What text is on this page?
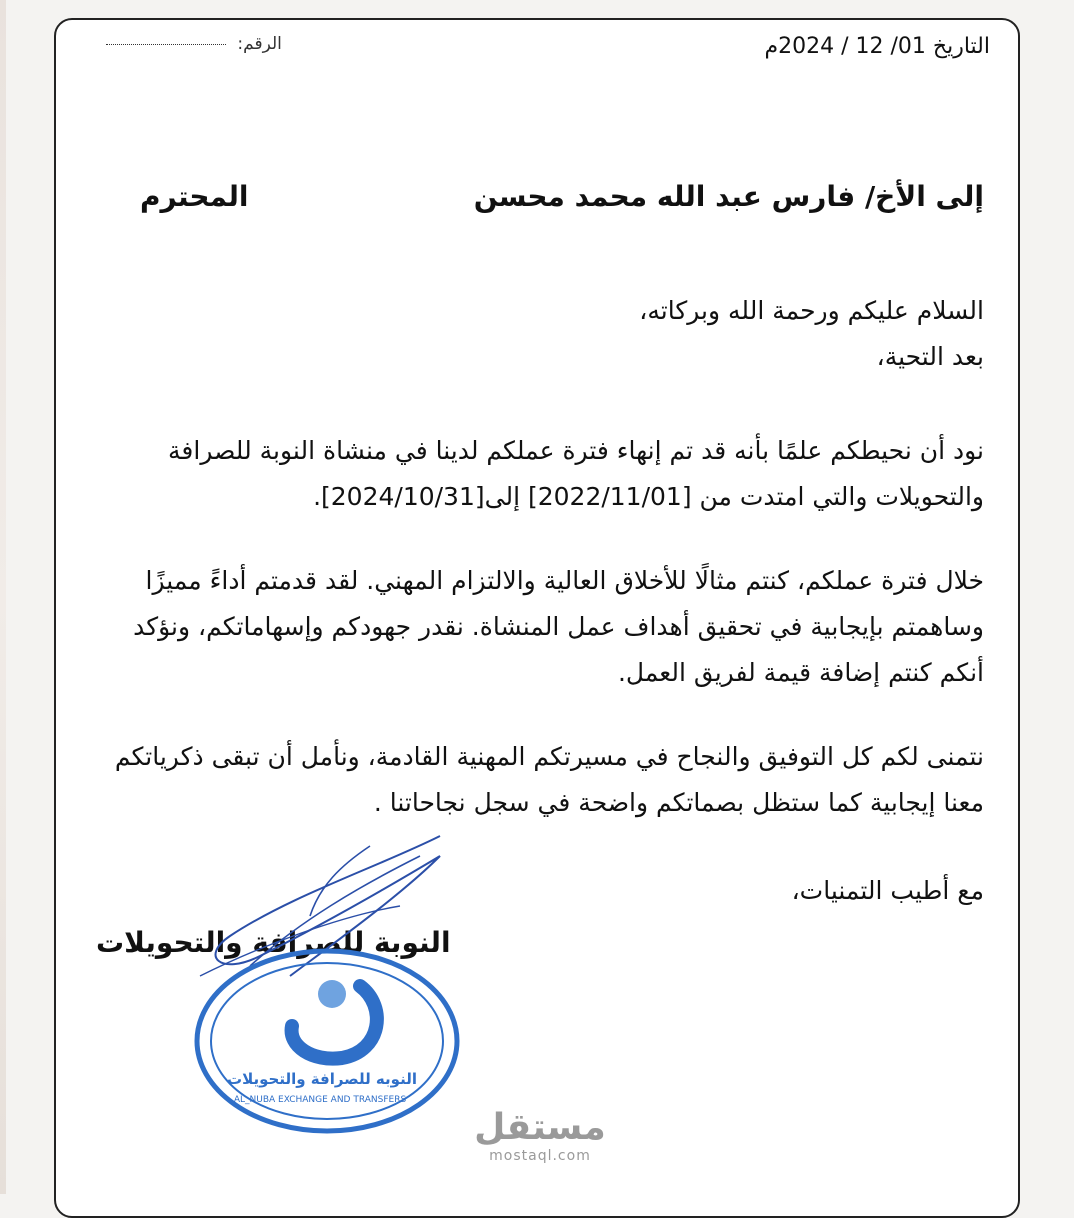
التاريخ 01/ 12 / 2024م
الرقم:
إلى الأخ/ فارس عبد الله محمد محسن
المحترم
السلام عليكم ورحمة الله وبركاته،
بعد التحية،
نود أن نحيطكم علمًا بأنه قد تم إنهاء فترة عملكم لدينا في منشاة النوبة للصرافة والتحويلات والتي امتدت من [2022/11/01] إلى[2024/10/31].
خلال فترة عملكم، كنتم مثالًا للأخلاق العالية والالتزام المهني. لقد قدمتم أداءً مميزًا وساهمتم بإيجابية في تحقيق أهداف عمل المنشاة. نقدر جهودكم وإسهاماتكم، ونؤكد أنكم كنتم إضافة قيمة لفريق العمل.
نتمنى لكم كل التوفيق والنجاح في مسيرتكم المهنية القادمة، ونأمل أن تبقى ذكرياتكم معنا إيجابية كما ستظل بصماتكم واضحة في سجل نجاحاتنا .
مع أطيب التمنيات،
النوبة للصرافة والتحويلات
النوبه للصرافة والتحويلات
AL_NUBA EXCHANGE AND TRANSFERS
مستقل
mostaql.com
